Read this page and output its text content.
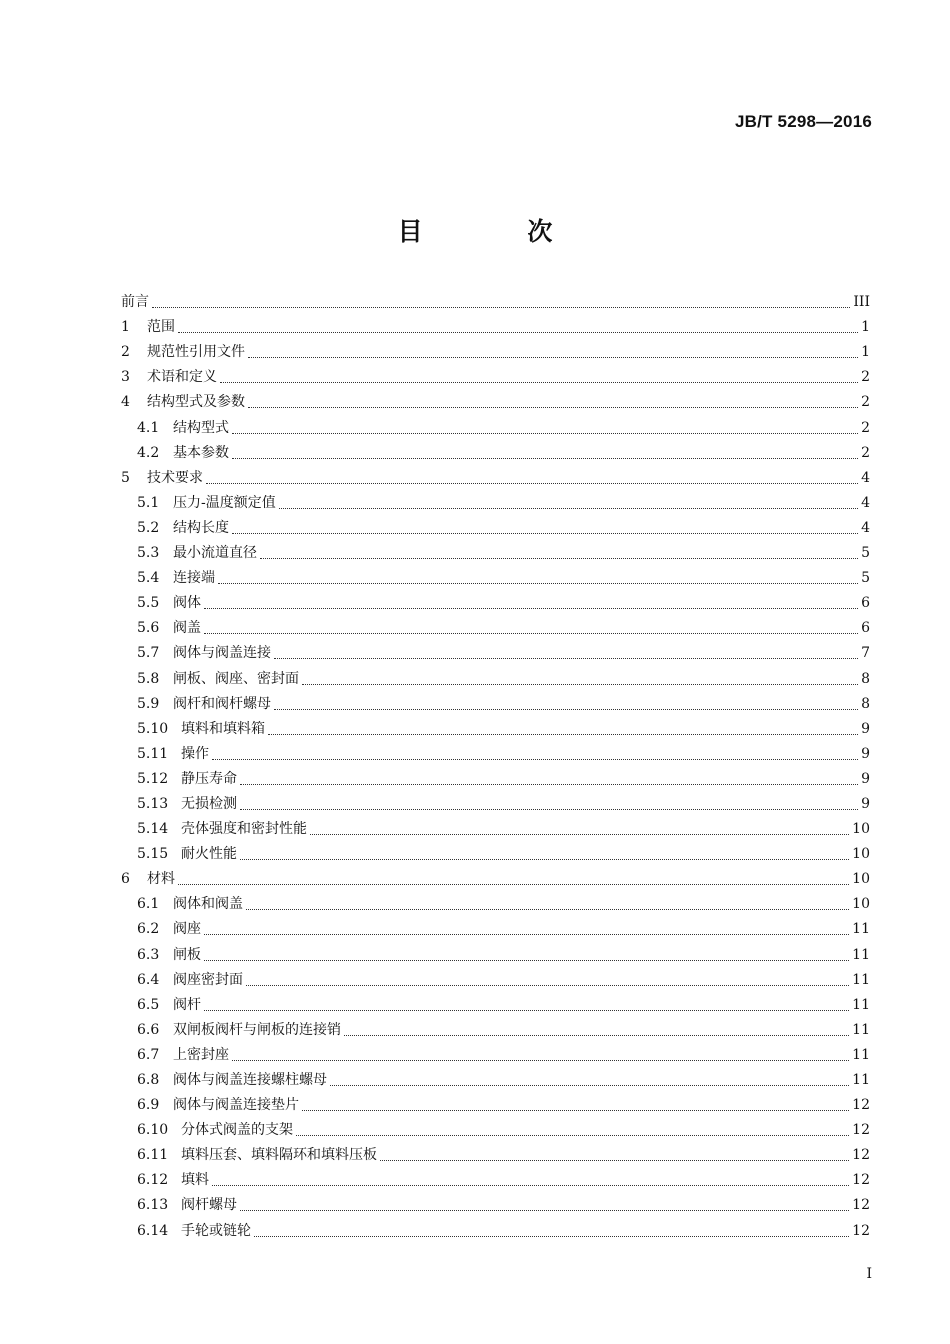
JB/T 5298—2016
目 次
前言	III
1	范围	1
2	规范性引用文件	1
3	术语和定义	2
4	结构型式及参数	2
4.1 结构型式	2
4.2 基本参数	2
5	技术要求	4
5.1 压力-温度额定值	4
5.2 结构长度	4
5.3 最小流道直径	5
5.4 连接端	5
5.5 阀体	6
5.6 阀盖	6
5.7 阀体与阀盖连接	7
5.8 闸板、阀座、密封面	8
5.9 阀杆和阀杆螺母	8
5.10 填料和填料箱	9
5.11 操作	9
5.12 静压寿命	9
5.13 无损检测	9
5.14 壳体强度和密封性能	10
5.15 耐火性能	10
6	材料	10
6.1 阀体和阀盖	10
6.2 阀座	11
6.3 闸板	11
6.4 阀座密封面	11
6.5 阀杆	11
6.6 双闸板阀杆与闸板的连接销	11
6.7 上密封座	11
6.8 阀体与阀盖连接螺柱螺母	11
6.9 阀体与阀盖连接垫片	12
6.10 分体式阀盖的支架	12
6.11 填料压套、填料隔环和填料压板	12
6.12 填料	12
6.13 阀杆螺母	12
6.14 手轮或链轮	12
I
